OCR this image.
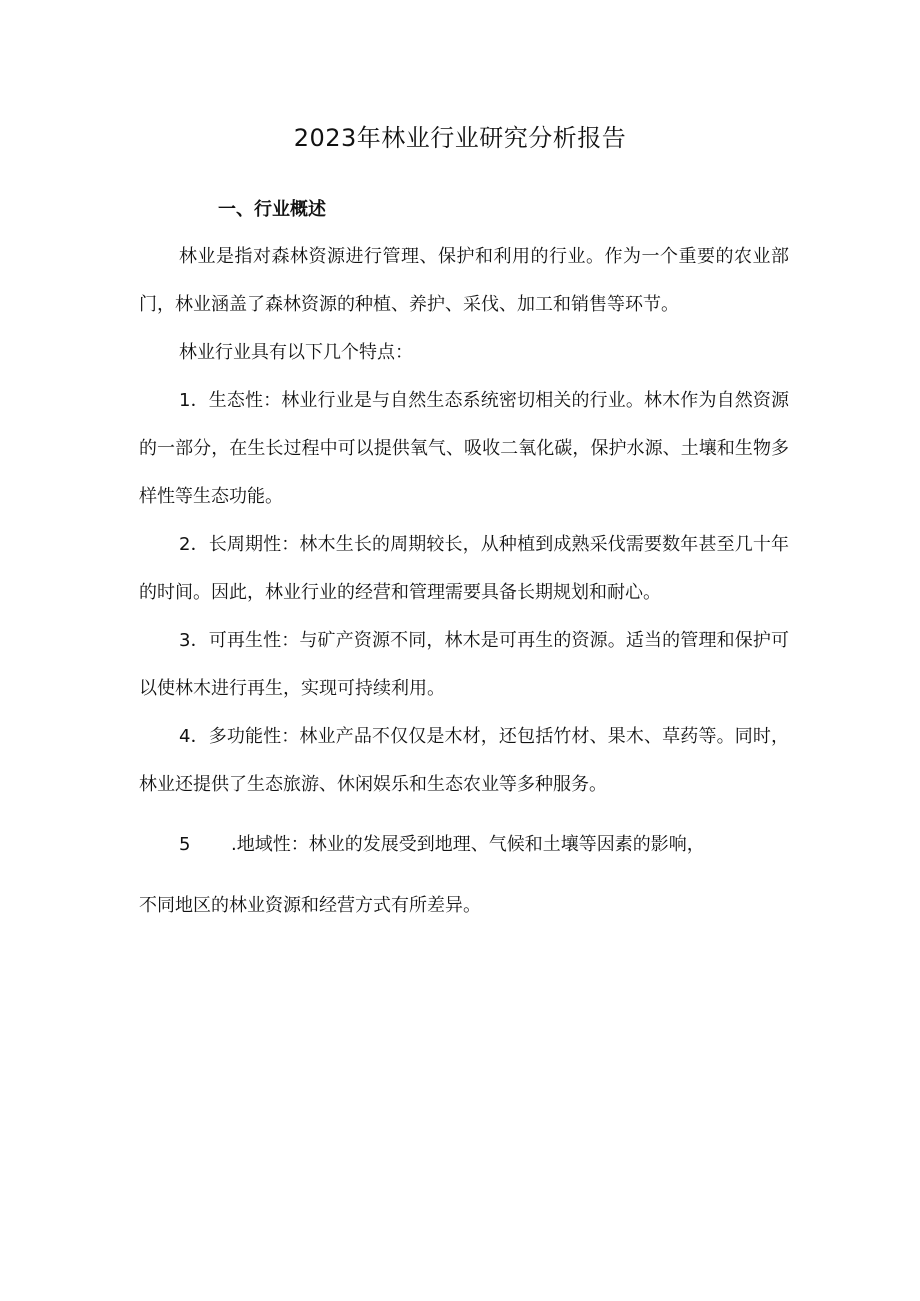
2023年林业行业研究分析报告
一、行业概述

林业是指对森林资源进行管理、保护和利用的行业。作为一个重要的农业部门，林业涵盖了森林资源的种植、养护、采伐、加工和销售等环节。

林业行业具有以下几个特点：

1．生态性：林业行业是与自然生态系统密切相关的行业。林木作为自然资源的一部分，在生长过程中可以提供氧气、吸收二氧化碳，保护水源、土壤和生物多样性等生态功能。

2．长周期性：林木生长的周期较长，从种植到成熟采伐需要数年甚至几十年的时间。因此，林业行业的经营和管理需要具备长期规划和耐心。

3．可再生性：与矿产资源不同，林木是可再生的资源。适当的管理和保护可以使林木进行再生，实现可持续利用。

4．多功能性：林业产品不仅仅是木材，还包括竹材、果木、草药等。同时，林业还提供了生态旅游、休闲娱乐和生态农业等多种服务。

5 .地域性：林业的发展受到地理、气候和土壤等因素的影响，

不同地区的林业资源和经营方式有所差异。
